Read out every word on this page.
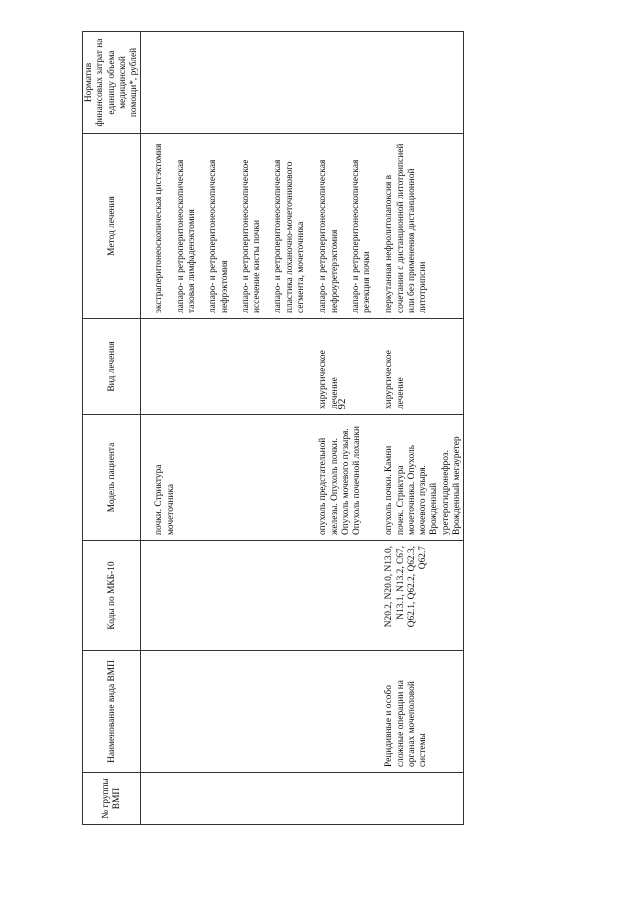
92
№ группы ВМП	Наименование вида ВМП	Коды по МКБ-10	Модель пациента	Вид лечения	Метод лечения	Норматив финансовых затрат на единицу объема медицинской помощи*, рублей

			почки. Стриктура мочеточника		экстраперитонеоскопическая цистэктомия лапаро- и ретроперитонеоскопическая тазовая лимфаденэктомия лапаро- и ретроперитонеоскопическая нефрэктомия лапаро- и ретроперитонеоскопическое иссечение кисты почки лапаро- и ретроперитонеоскопическая пластика лоханочно-мочеточникового сегмента, мочеточника	

			опухоль предстательной железы. Опухоль почки. Опухоль мочевого пузыря. Опухоль почечной лоханки	хирургическое лечение	лапаро- и ретроперитонеоскопическая нефроуретерэктомия лапаро- и ретроперитонеоскопическая резекция почки	

	Рецидивные и особо сложные операции на органах мочеполовой системы	N20.2, N20.0, N13.0, N13.1, N13.2, C67, Q62.1, Q62.2, Q62.3, Q62.7	опухоль почки. Камни почек. Стриктура мочеточника. Опухоль мочевого пузыря. Врожденный уретерогидронефроз. Врожденный мегауретер	хирургическое лечение	перкутанная нефролитолапоксия в сочетании с дистанционной литотрипсией или без применения дистанционной литотрипсии	
